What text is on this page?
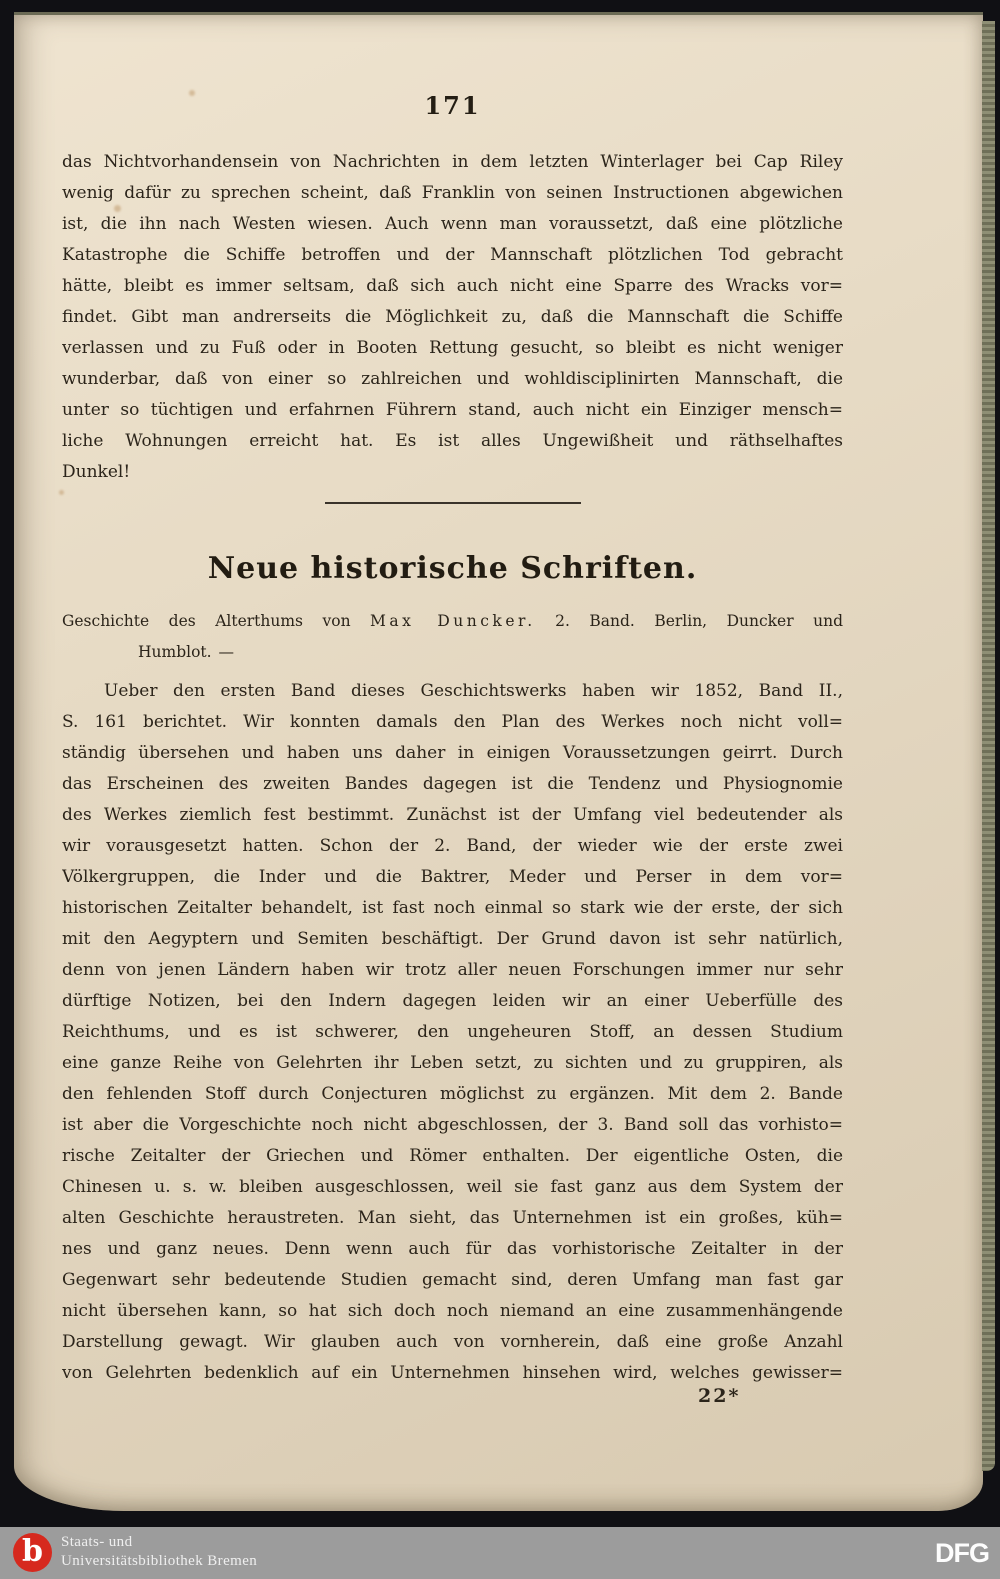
171
das Nichtvorhandensein von Nachrichten in dem letzten Winterlager bei Cap Riley
wenig dafür zu sprechen scheint, daß Franklin von seinen Instructionen abgewichen
ist, die ihn nach Westen wiesen. Auch wenn man voraussetzt, daß eine plötzliche
Katastrophe die Schiffe betroffen und der Mannschaft plötzlichen Tod gebracht
hätte, bleibt es immer seltsam, daß sich auch nicht eine Sparre des Wracks vor=
findet. Gibt man andrerseits die Möglichkeit zu, daß die Mannschaft die Schiffe
verlassen und zu Fuß oder in Booten Rettung gesucht, so bleibt es nicht weniger
wunderbar, daß von einer so zahlreichen und wohldisciplinirten Mannschaft, die
unter so tüchtigen und erfahrnen Führern stand, auch nicht ein Einziger mensch=
liche Wohnungen erreicht hat. Es ist alles Ungewißheit und räthselhaftes
Dunkel!
Neue historische Schriften.
Geschichte des Alterthums von Max Duncker. 2. Band. Berlin, Duncker und
Humblot. —
Ueber den ersten Band dieses Geschichtswerks haben wir 1852, Band II.,
S. 161 berichtet. Wir konnten damals den Plan des Werkes noch nicht voll=
ständig übersehen und haben uns daher in einigen Voraussetzungen geirrt. Durch
das Erscheinen des zweiten Bandes dagegen ist die Tendenz und Physiognomie
des Werkes ziemlich fest bestimmt. Zunächst ist der Umfang viel bedeutender als
wir vorausgesetzt hatten. Schon der 2. Band, der wieder wie der erste zwei
Völkergruppen, die Inder und die Baktrer, Meder und Perser in dem vor=
historischen Zeitalter behandelt, ist fast noch einmal so stark wie der erste, der sich
mit den Aegyptern und Semiten beschäftigt. Der Grund davon ist sehr natürlich,
denn von jenen Ländern haben wir trotz aller neuen Forschungen immer nur sehr
dürftige Notizen, bei den Indern dagegen leiden wir an einer Ueberfülle des
Reichthums, und es ist schwerer, den ungeheuren Stoff, an dessen Studium
eine ganze Reihe von Gelehrten ihr Leben setzt, zu sichten und zu gruppiren, als
den fehlenden Stoff durch Conjecturen möglichst zu ergänzen. Mit dem 2. Bande
ist aber die Vorgeschichte noch nicht abgeschlossen, der 3. Band soll das vorhisto=
rische Zeitalter der Griechen und Römer enthalten. Der eigentliche Osten, die
Chinesen u. s. w. bleiben ausgeschlossen, weil sie fast ganz aus dem System der
alten Geschichte heraustreten. Man sieht, das Unternehmen ist ein großes, küh=
nes und ganz neues. Denn wenn auch für das vorhistorische Zeitalter in der
Gegenwart sehr bedeutende Studien gemacht sind, deren Umfang man fast gar
nicht übersehen kann, so hat sich doch noch niemand an eine zusammenhängende
Darstellung gewagt. Wir glauben auch von vornherein, daß eine große Anzahl
von Gelehrten bedenklich auf ein Unternehmen hinsehen wird, welches gewisser=
22*
b Staats- und
Universitätsbibliothek Bremen	DFG
